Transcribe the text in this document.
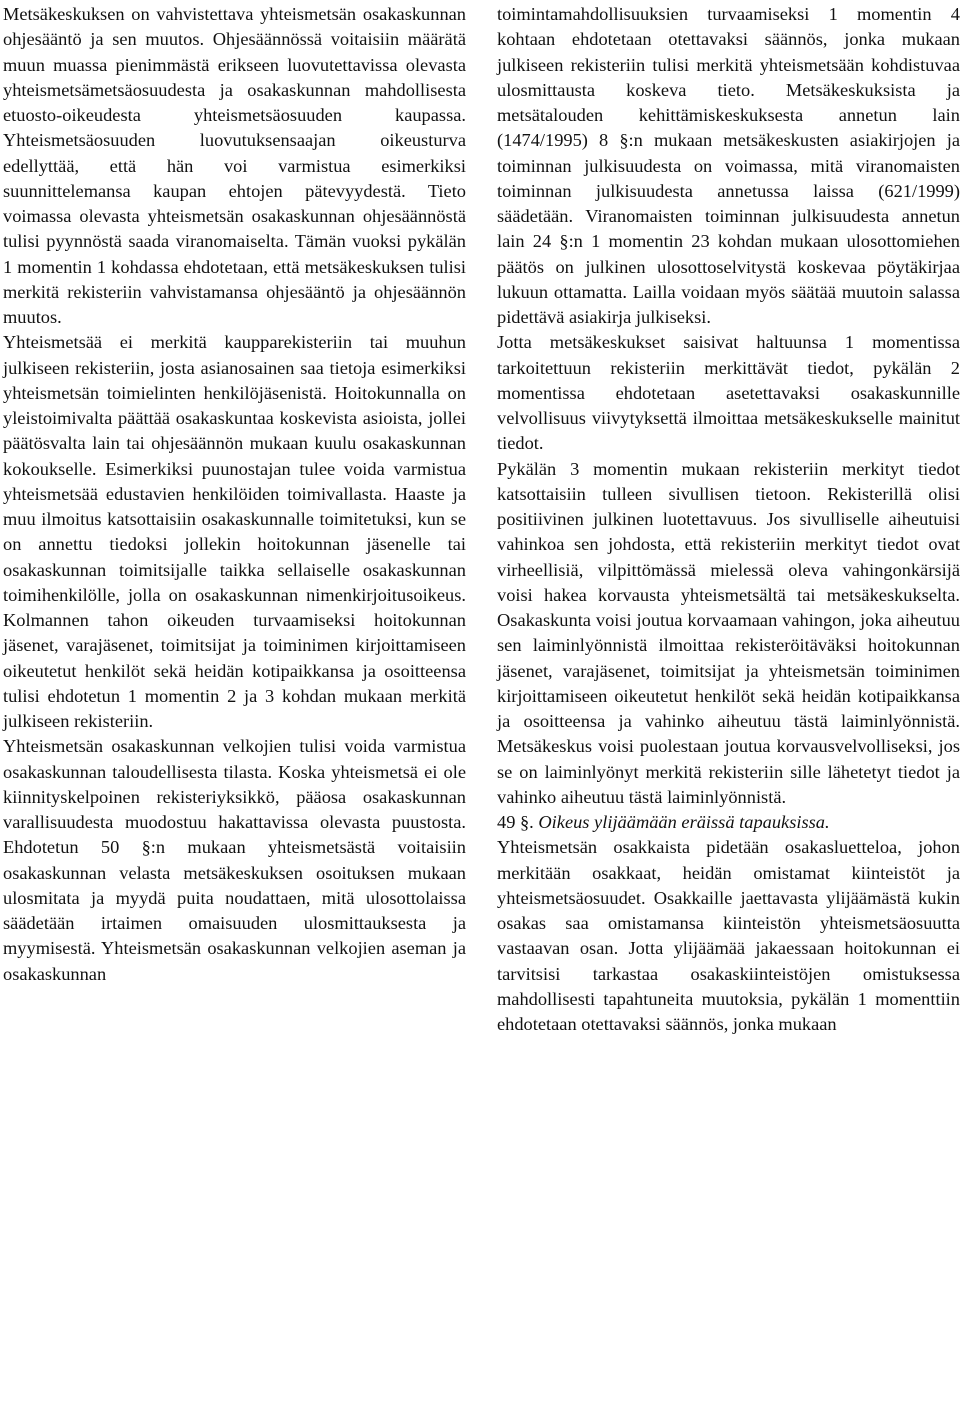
Metsäkeskuksen on vahvistettava yhteismetsän osakaskunnan ohjesääntö ja sen muutos. Ohjesäännössä voitaisiin määrätä muun muassa pienimmästä erikseen luovutettavissa olevasta yhteismetsämetsäosuudesta ja osakaskunnan mahdollisesta etuosto-oikeudesta yhteismetsäosuuden kaupassa. Yhteismetsäosuuden luovutuksensaajan oikeusturva edellyttää, että hän voi varmistua esimerkiksi suunnittelemansa kaupan ehtojen pätevyydestä. Tieto voimassa olevasta yhteismetsän osakaskunnan ohjesäännöstä tulisi pyynnöstä saada viranomaiselta. Tämän vuoksi pykälän 1 momentin 1 kohdassa ehdotetaan, että metsäkeskuksen tulisi merkitä rekisteriin vahvistamansa ohjesääntö ja ohjesäännön muutos.

Yhteismetsää ei merkitä kaupparekisteriin tai muuhun julkiseen rekisteriin, josta asianosainen saa tietoja esimerkiksi yhteismetsän toimielinten henkilöjäsenistä. Hoitokunnalla on yleistoimivalta päättää osakaskuntaa koskevista asioista, jollei päätösvalta lain tai ohjesäännön mukaan kuulu osakaskunnan kokoukselle. Esimerkiksi puunostajan tulee voida varmistua yhteismetsää edustavien henkilöiden toimivallasta. Haaste ja muu ilmoitus katsottaisiin osakaskunnalle toimitetuksi, kun se on annettu tiedoksi jollekin hoitokunnan jäsenelle tai osakaskunnan toimitsijalle taikka sellaiselle osakaskunnan toimihenkilölle, jolla on osakaskunnan nimenkirjoitusoikeus. Kolmannen tahon oikeuden turvaamiseksi hoitokunnan jäsenet, varajäsenet, toimitsijat ja toiminimen kirjoittamiseen oikeutetut henkilöt sekä heidän kotipaikkansa ja osoitteensa tulisi ehdotetun 1 momentin 2 ja 3 kohdan mukaan merkitä julkiseen rekisteriin.

Yhteismetsän osakaskunnan velkojien tulisi voida varmistua osakaskunnan taloudellisesta tilasta. Koska yhteismetsä ei ole kiinnityskelpoinen rekisteriyksikkö, pääosa osakaskunnan varallisuudesta muodostuu hakattavissa olevasta puustosta. Ehdotetun 50 §:n mukaan yhteismetsästä voitaisiin osakaskunnan velasta metsäkeskuksen osoituksen mukaan ulosmitata ja myydä puita noudattaen, mitä ulosottolaissa säädetään irtaimen omaisuuden ulosmittauksesta ja myymisestä. Yhteismetsän osakaskunnan velkojien aseman ja osakaskunnan

toimintamahdollisuuksien turvaamiseksi 1 momentin 4 kohtaan ehdotetaan otettavaksi säännös, jonka mukaan julkiseen rekisteriin tulisi merkitä yhteismetsään kohdistuvaa ulosmittausta koskeva tieto. Metsäkeskuksista ja metsätalouden kehittämiskeskuksesta annetun lain (1474/1995) 8 §:n mukaan metsäkeskusten asiakirjojen ja toiminnan julkisuudesta on voimassa, mitä viranomaisten toiminnan julkisuudesta annetussa laissa (621/1999) säädetään. Viranomaisten toiminnan julkisuudesta annetun lain 24 §:n 1 momentin 23 kohdan mukaan ulosottomiehen päätös on julkinen ulosottoselvitystä koskevaa pöytäkirjaa lukuun ottamatta. Lailla voidaan myös säätää muutoin salassa pidettävä asiakirja julkiseksi.

Jotta metsäkeskukset saisivat haltuunsa 1 momentissa tarkoitettuun rekisteriin merkittävät tiedot, pykälän 2 momentissa ehdotetaan asetettavaksi osakaskunnille velvollisuus viivytyksettä ilmoittaa metsäkeskukselle mainitut tiedot.

Pykälän 3 momentin mukaan rekisteriin merkityt tiedot katsottaisiin tulleen sivullisen tietoon. Rekisterillä olisi positiivinen julkinen luotettavuus. Jos sivulliselle aiheutuisi vahinkoa sen johdosta, että rekisteriin merkityt tiedot ovat virheellisiä, vilpittömässä mielessä oleva vahingonkärsijä voisi hakea korvausta yhteismetsältä tai metsäkeskukselta. Osakaskunta voisi joutua korvaamaan vahingon, joka aiheutuu sen laiminlyönnistä ilmoittaa rekisteröitäväksi hoitokunnan jäsenet, varajäsenet, toimitsijat ja yhteismetsän toiminimen kirjoittamiseen oikeutetut henkilöt sekä heidän kotipaikkansa ja osoitteensa ja vahinko aiheutuu tästä laiminlyönnistä. Metsäkeskus voisi puolestaan joutua korvausvelvolliseksi, jos se on laiminlyönyt merkitä rekisteriin sille lähetetyt tiedot ja vahinko aiheutuu tästä laiminlyönnistä.

49 §. Oikeus ylijäämään eräissä tapauksissa.

Yhteismetsän osakkaista pidetään osakasluetteloa, johon merkitään osakkaat, heidän omistamat kiinteistöt ja yhteismetsäosuudet. Osakkaille jaettavasta ylijäämästä kukin osakas saa omistamansa kiinteistön yhteismetsäosuutta vastaavan osan. Jotta ylijäämää jakaessaan hoitokunnan ei tarvitsisi tarkastaa osakaskiinteistöjen omistuksessa mahdollisesti tapahtuneita muutoksia, pykälän 1 momenttiin ehdotetaan otettavaksi säännös, jonka mukaan
